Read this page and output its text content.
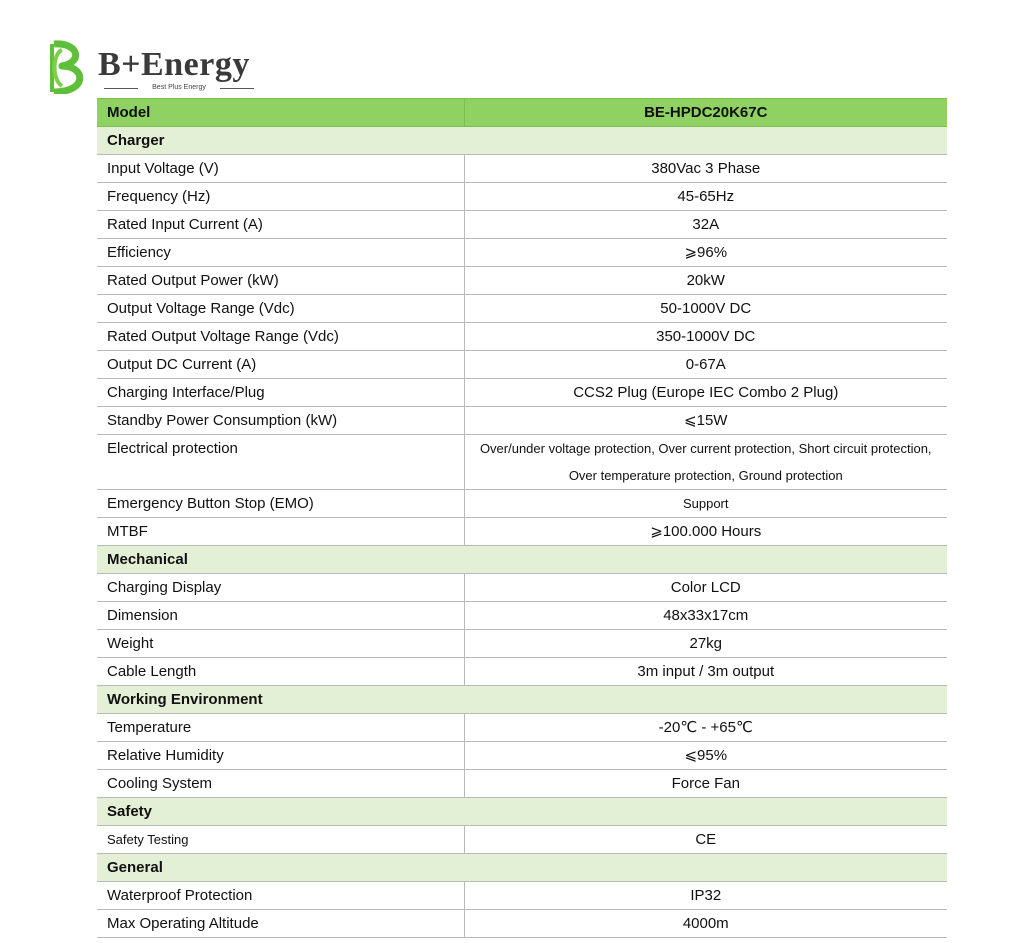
B+Energy
Best Plus Energy
Model	BE-HPDC20K67C
Charger	
Input Voltage (V)	380Vac 3 Phase
Frequency (Hz)	45-65Hz
Rated Input Current (A)	32A
Efficiency	⩾96%
Rated Output Power (kW)	20kW
Output Voltage Range (Vdc)	50-1000V DC
Rated Output Voltage Range (Vdc)	350-1000V DC
Output DC Current (A)	0-67A
Charging Interface/Plug	CCS2 Plug (Europe IEC Combo 2 Plug)
Standby Power Consumption (kW)	⩽15W
Electrical protection	Over/under voltage protection, Over current protection, Short circuit protection, Over temperature protection, Ground protection
Emergency Button Stop (EMO)	Support
MTBF	⩾100.000 Hours
Mechanical	
Charging Display	Color LCD
Dimension	48x33x17cm
Weight	27kg
Cable Length	3m input / 3m output
Working Environment	
Temperature	-20℃ - +65℃
Relative Humidity	⩽95%
Cooling System	Force Fan
Safety	
Safety Testing	CE
General	
Waterproof Protection	IP32
Max Operating Altitude	4000m
